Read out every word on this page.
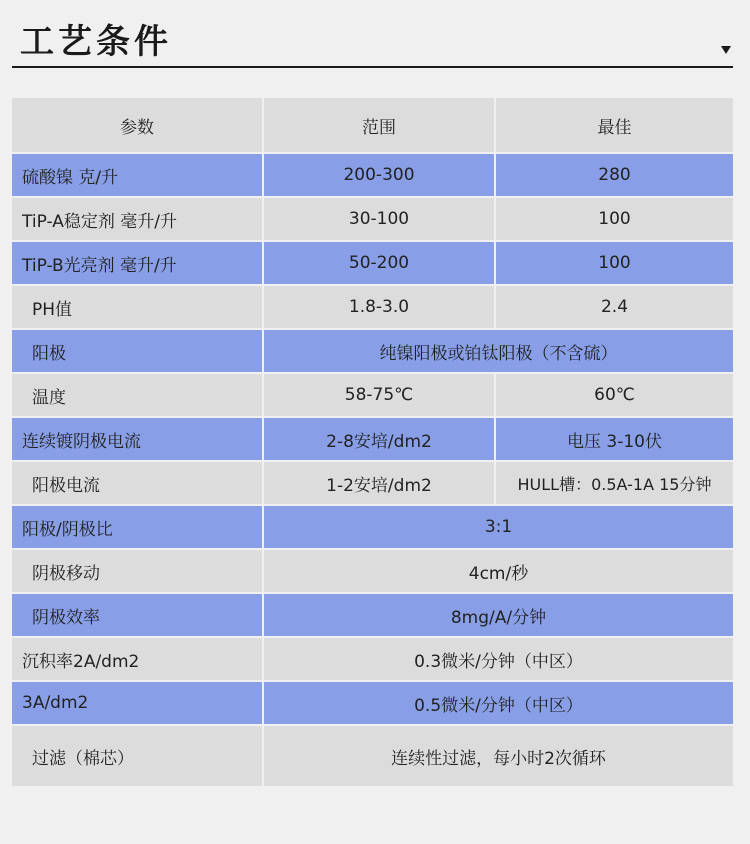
工艺条件
参数	范围	最佳
硫酸镍 克/升	200-300	280
TiP-A稳定剂 毫升/升	30-100	100
TiP-B光亮剂 毫升/升	50-200	100
PH值	1.8-3.0	2.4
阳极	纯镍阳极或铂钛阳极（不含硫）
温度	58-75℃	60℃
连续镀阴极电流	2-8安培/dm2	电压 3-10伏
阳极电流	1-2安培/dm2	HULL槽：0.5A-1A 15分钟
阳极/阴极比	3:1
阴极移动	4cm/秒
阴极效率	8mg/A/分钟
沉积率2A/dm2	0.3微米/分钟（中区）
3A/dm2	0.5微米/分钟（中区）
过滤（棉芯）	连续性过滤，每小时2次循环
